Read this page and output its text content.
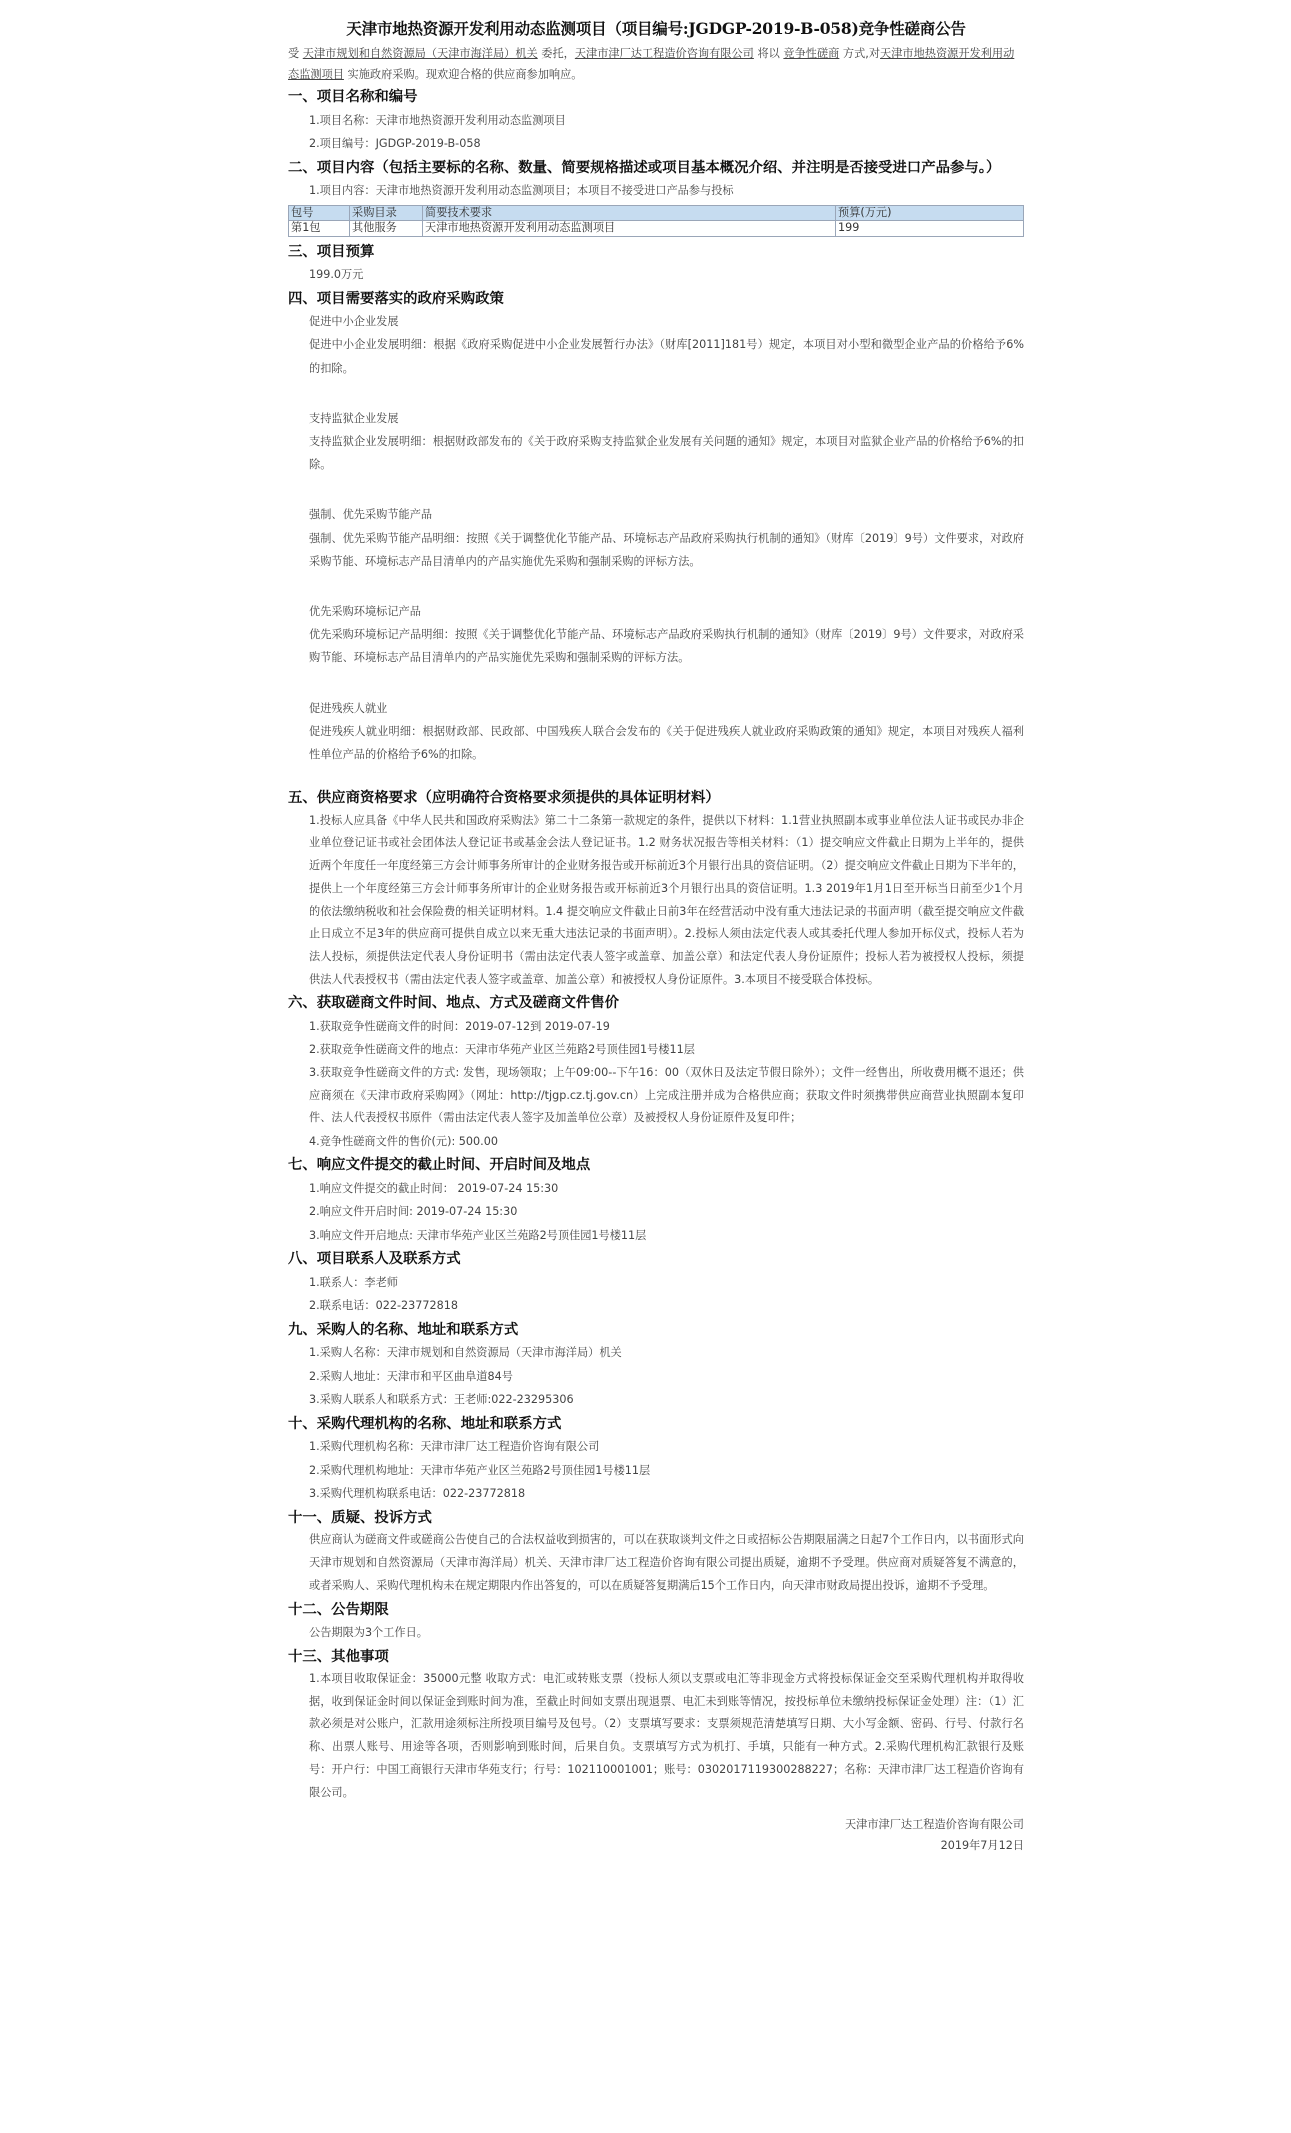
天津市地热资源开发利用动态监测项目（项目编号:JGDGP-2019-B-058)竞争性磋商公告
受 天津市规划和自然资源局（天津市海洋局）机关 委托，天津市津厂达工程造价咨询有限公司 将以 竞争性磋商 方式,对天津市地热资源开发利用动态监测项目 实施政府采购。现欢迎合格的供应商参加响应。
一、项目名称和编号
1.项目名称：天津市地热资源开发利用动态监测项目
2.项目编号：JGDGP-2019-B-058
二、项目内容（包括主要标的名称、数量、简要规格描述或项目基本概况介绍、并注明是否接受进口产品参与。）
1.项目内容：天津市地热资源开发利用动态监测项目；本项目不接受进口产品参与投标
包号	采购目录	简要技术要求	预算(万元)
第1包	其他服务	天津市地热资源开发利用动态监测项目	199
三、项目预算
199.0万元
四、项目需要落实的政府采购政策
促进中小企业发展
促进中小企业发展明细：根据《政府采购促进中小企业发展暂行办法》（财库[2011]181号）规定，本项目对小型和微型企业产品的价格给予6%的扣除。
支持监狱企业发展
支持监狱企业发展明细：根据财政部发布的《关于政府采购支持监狱企业发展有关问题的通知》规定，本项目对监狱企业产品的价格给予6%的扣除。
强制、优先采购节能产品
强制、优先采购节能产品明细：按照《关于调整优化节能产品、环境标志产品政府采购执行机制的通知》（财库〔2019〕9号）文件要求，对政府采购节能、环境标志产品目清单内的产品实施优先采购和强制采购的评标方法。
优先采购环境标记产品
优先采购环境标记产品明细：按照《关于调整优化节能产品、环境标志产品政府采购执行机制的通知》（财库〔2019〕9号）文件要求，对政府采购节能、环境标志产品目清单内的产品实施优先采购和强制采购的评标方法。
促进残疾人就业
促进残疾人就业明细：根据财政部、民政部、中国残疾人联合会发布的《关于促进残疾人就业政府采购政策的通知》规定，本项目对残疾人福利性单位产品的价格给予6%的扣除。
五、供应商资格要求（应明确符合资格要求须提供的具体证明材料）
1.投标人应具备《中华人民共和国政府采购法》第二十二条第一款规定的条件，提供以下材料：1.1营业执照副本或事业单位法人证书或民办非企业单位登记证书或社会团体法人登记证书或基金会法人登记证书。1.2 财务状况报告等相关材料：（1）提交响应文件截止日期为上半年的，提供近两个年度任一年度经第三方会计师事务所审计的企业财务报告或开标前近3个月银行出具的资信证明。（2）提交响应文件截止日期为下半年的，提供上一个年度经第三方会计师事务所审计的企业财务报告或开标前近3个月银行出具的资信证明。1.3 2019年1月1日至开标当日前至少1个月的依法缴纳税收和社会保险费的相关证明材料。1.4 提交响应文件截止日前3年在经营活动中没有重大违法记录的书面声明（截至提交响应文件截止日成立不足3年的供应商可提供自成立以来无重大违法记录的书面声明）。2.投标人须由法定代表人或其委托代理人参加开标仪式，投标人若为法人投标，须提供法定代表人身份证明书（需由法定代表人签字或盖章、加盖公章）和法定代表人身份证原件；投标人若为被授权人投标，须提供法人代表授权书（需由法定代表人签字或盖章、加盖公章）和被授权人身份证原件。3.本项目不接受联合体投标。
六、获取磋商文件时间、地点、方式及磋商文件售价
1.获取竞争性磋商文件的时间：2019-07-12到 2019-07-19
2.获取竞争性磋商文件的地点：天津市华苑产业区兰苑路2号顶佳园1号楼11层
3.获取竞争性磋商文件的方式: 发售，现场领取；上午09:00--下午16：00（双休日及法定节假日除外）；文件一经售出，所收费用概不退还；供应商须在《天津市政府采购网》（网址：http://tjgp.cz.tj.gov.cn）上完成注册并成为合格供应商；获取文件时须携带供应商营业执照副本复印件、法人代表授权书原件（需由法定代表人签字及加盖单位公章）及被授权人身份证原件及复印件；
4.竞争性磋商文件的售价(元): 500.00
七、响应文件提交的截止时间、开启时间及地点
1.响应文件提交的截止时间： 2019-07-24 15:30
2.响应文件开启时间: 2019-07-24 15:30
3.响应文件开启地点: 天津市华苑产业区兰苑路2号顶佳园1号楼11层
八、项目联系人及联系方式
1.联系人：李老师
2.联系电话：022-23772818
九、采购人的名称、地址和联系方式
1.采购人名称：天津市规划和自然资源局（天津市海洋局）机关
2.采购人地址：天津市和平区曲阜道84号
3.采购人联系人和联系方式：王老师:022-23295306
十、采购代理机构的名称、地址和联系方式
1.采购代理机构名称：天津市津厂达工程造价咨询有限公司
2.采购代理机构地址：天津市华苑产业区兰苑路2号顶佳园1号楼11层
3.采购代理机构联系电话：022-23772818
十一、质疑、投诉方式
供应商认为磋商文件或磋商公告使自己的合法权益收到损害的，可以在获取谈判文件之日或招标公告期限届满之日起7个工作日内，以书面形式向 天津市规划和自然资源局（天津市海洋局）机关、天津市津厂达工程造价咨询有限公司提出质疑，逾期不予受理。供应商对质疑答复不满意的，或者采购人、采购代理机构未在规定期限内作出答复的，可以在质疑答复期满后15个工作日内，向天津市财政局提出投诉，逾期不予受理。
十二、公告期限
公告期限为3个工作日。
十三、其他事项
1.本项目收取保证金：35000元整 收取方式：电汇或转账支票（投标人须以支票或电汇等非现金方式将投标保证金交至采购代理机构并取得收据，收到保证金时间以保证金到账时间为准，至截止时间如支票出现退票、电汇未到账等情况，按投标单位未缴纳投标保证金处理）注：（1）汇款必须是对公账户，汇款用途须标注所投项目编号及包号。（2）支票填写要求：支票须规范清楚填写日期、大小写金额、密码、行号、付款行名称、出票人账号、用途等各项，否则影响到账时间，后果自负。支票填写方式为机打、手填，只能有一种方式。2.采购代理机构汇款银行及账号：开户行：中国工商银行天津市华苑支行；行号：102110001001；账号：0302017119300288227；名称：天津市津厂达工程造价咨询有限公司。
天津市津厂达工程造价咨询有限公司
2019年7月12日
